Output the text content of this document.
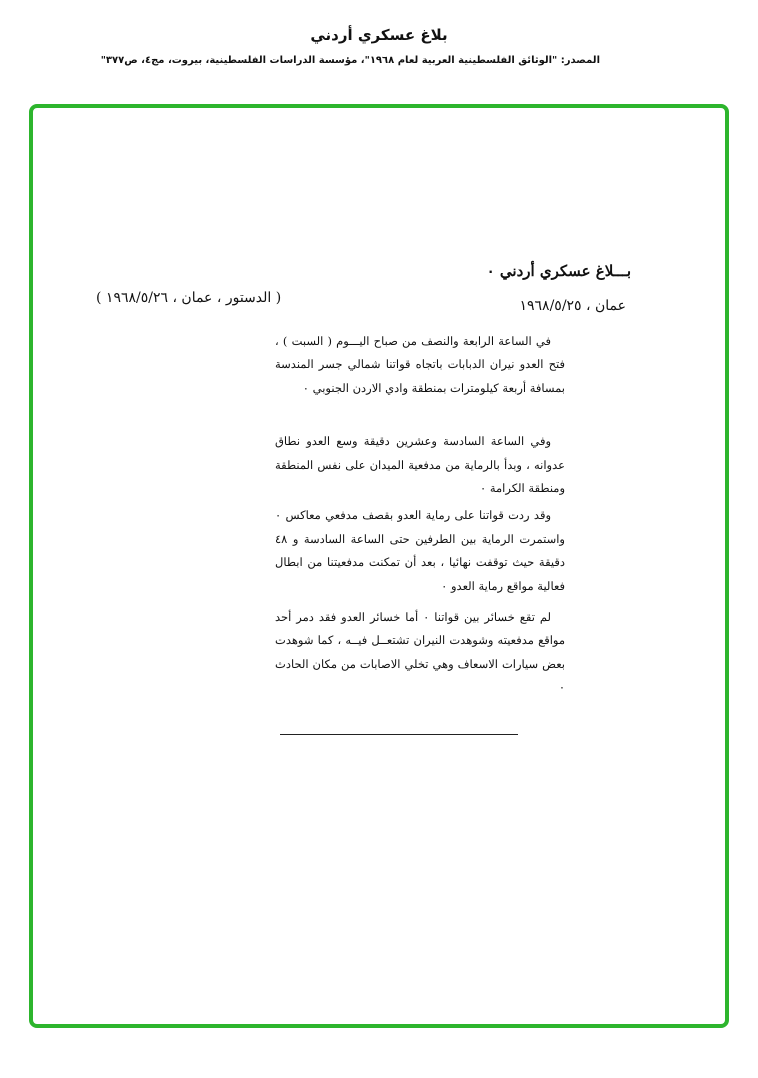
بلاغ عسكري أردني
المصدر: "الوثائق الفلسطينية العربية لعام ١٩٦٨"، مؤسسة الدراسات الفلسطينية، بيروت، مج٤، ص٣٧٧"
بـــلاغ عسكري أردني ٠
عمان ، ١٩٦٨/٥/٢٥
( الدستور ، عمان ، ١٩٦٨/٥/٢٦ )

في الساعة الرابعة والنصف من صباح اليـــوم ( السبت ) ، فتح العدو نيران الدبابات باتجاه قواتنا شمالي جسر المندسة بمسافة أربعة كيلومترات بمنطقة وادي الاردن الجنوبي ٠

وفي الساعة السادسة وعشرين دقيقة وسع العدو نطاق عدوانه ، وبدأ بالرماية من مدفعية الميدان على نفس المنطقة ومنطقة الكرامة ٠

وقد ردت قواتنا على رماية العدو بقصف مدفعي معاكس ٠ واستمرت الرماية بين الطرفين حتى الساعة السادسة و ٤٨ دقيقة حيث توقفت نهائيا ، بعد أن تمكنت مدفعيتنا من ابطال فعالية مواقع رماية العدو ٠

لم تقع خسائر بين قواتنا ٠ أما خسائر العدو فقد دمر أحد مواقع مدفعيته وشوهدت النيران تشتعــل فيــه ، كما شوهدت بعض سيارات الاسعاف وهي تخلي الاصابات من مكان الحادث ٠
